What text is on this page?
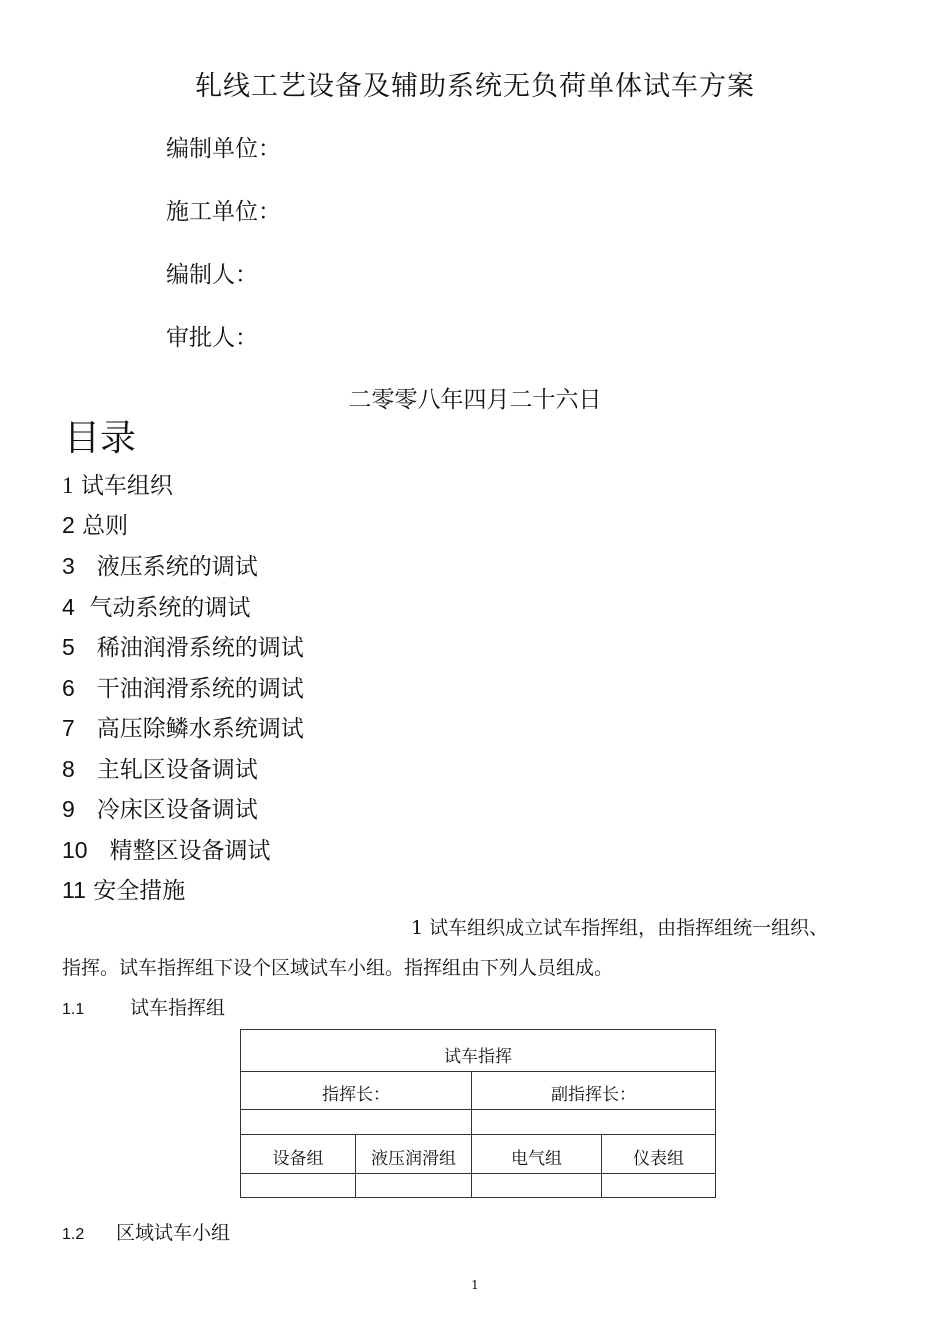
轧线工艺设备及辅助系统无负荷单体试车方案
编制单位：
施工单位：
编制人：
审批人：
二零零八年四月二十六日
目录
1 试车组织
2 总则
3 液压系统的调试
4 气动系统的调试
5 稀油润滑系统的调试
6 干油润滑系统的调试
7 高压除鳞水系统调试
8 主轧区设备调试
9 冷床区设备调试
10 精整区设备调试
11 安全措施
1 试车组织成立试车指挥组，由指挥组统一组织、
指挥。试车指挥组下设个区域试车小组。指挥组由下列人员组成。
1.1 试车指挥组
试车指挥			
指挥长：		副指挥长：	

设备组	液压润滑组	电气组	仪表组

1.2 区域试车小组
1
